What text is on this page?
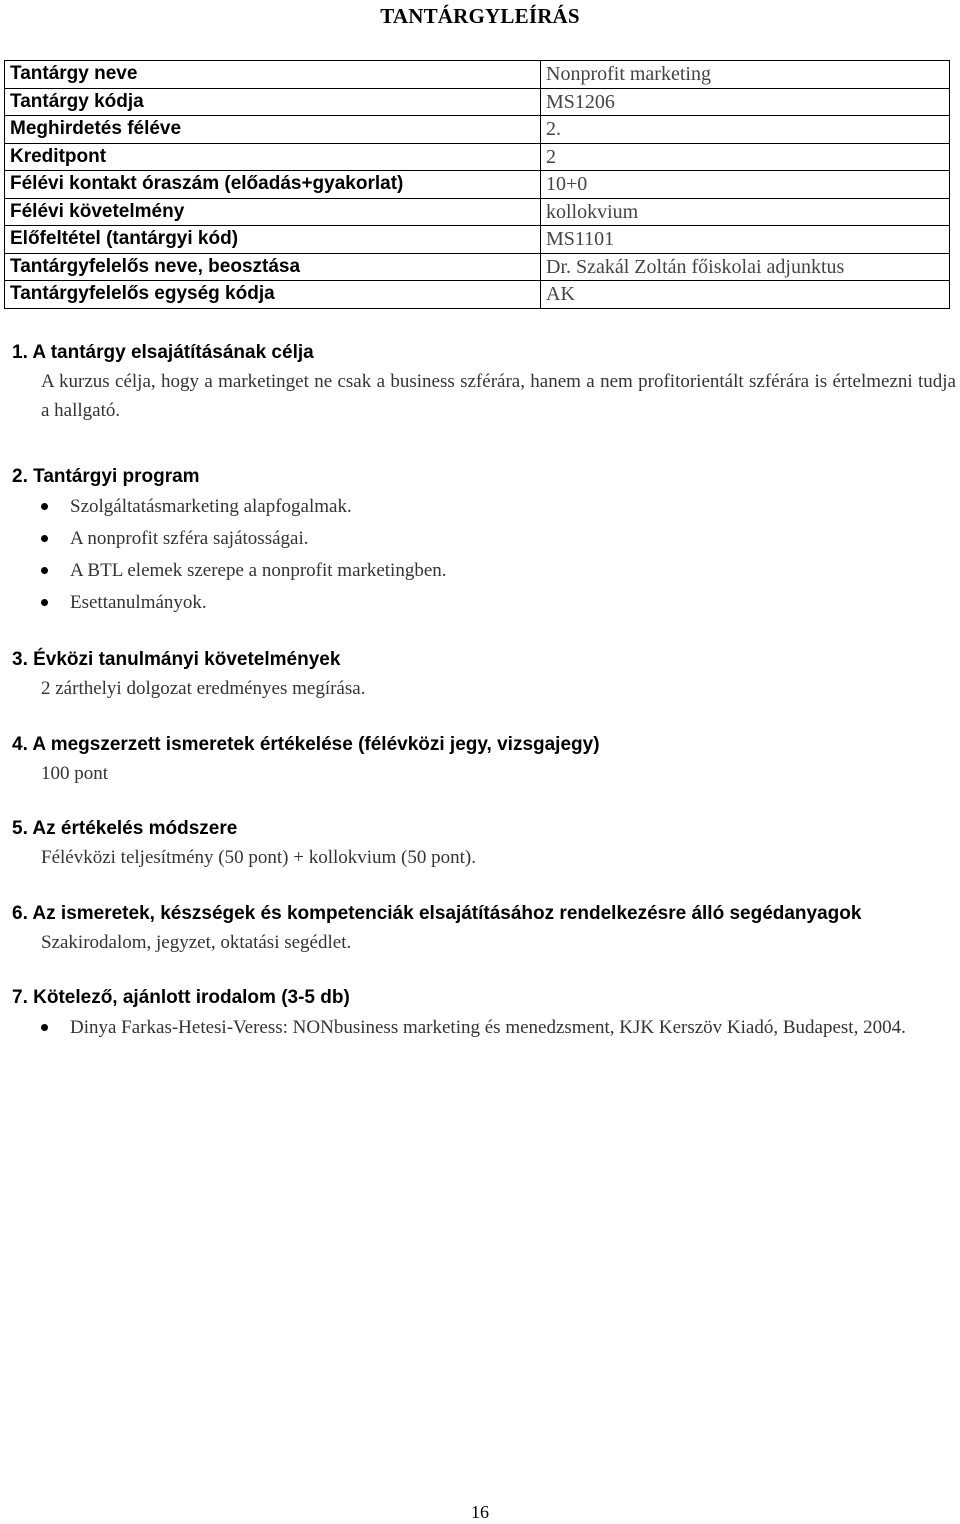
TANTÁRGYLEÍRÁS
Tantárgy neve	Nonprofit marketing
Tantárgy kódja	MS1206
Meghirdetés féléve	2.
Kreditpont	2
Félévi kontakt óraszám (előadás+gyakorlat)	10+0
Félévi követelmény	kollokvium
Előfeltétel (tantárgyi kód)	MS1101
Tantárgyfelelős neve, beosztása	Dr. Szakál Zoltán főiskolai adjunktus
Tantárgyfelelős egység kódja	AK
1. A tantárgy elsajátításának célja
A kurzus célja, hogy a marketinget ne csak a business szférára, hanem a nem profitorientált szférára is értelmezni tudja a hallgató.
2. Tantárgyi program
Szolgáltatásmarketing alapfogalmak.
A nonprofit szféra sajátosságai.
A BTL elemek szerepe a nonprofit marketingben.
Esettanulmányok.
3. Évközi tanulmányi követelmények
2 zárthelyi dolgozat eredményes megírása.
4. A megszerzett ismeretek értékelése (félévközi jegy, vizsgajegy)
100 pont
5. Az értékelés módszere
Félévközi teljesítmény (50 pont) + kollokvium (50 pont).
6. Az ismeretek, készségek és kompetenciák elsajátításához rendelkezésre álló segédanyagok
Szakirodalom, jegyzet, oktatási segédlet.
7. Kötelező, ajánlott irodalom (3-5 db)
Dinya Farkas-Hetesi-Veress: NONbusiness marketing és menedzsment, KJK Kerszöv Kiadó, Budapest, 2004.
16
